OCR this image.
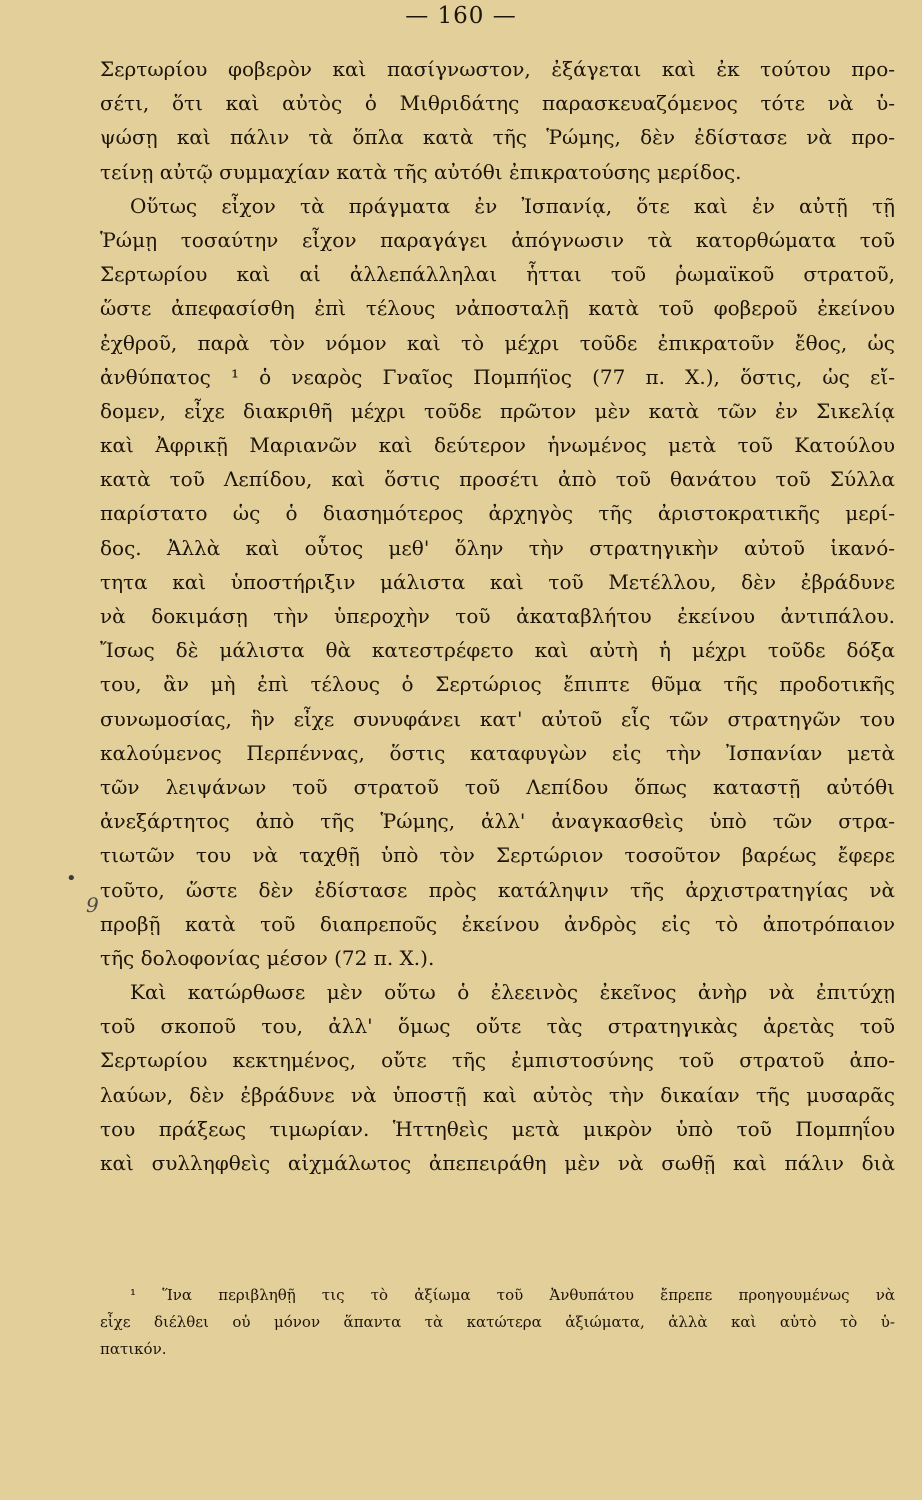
— 160 —
Σερτωρίου φοβερὸν καὶ πασίγνωστον, ἐξάγεται καὶ ἐκ τούτου προ-
σέτι, ὅτι καὶ αὐτὸς ὁ Μιθριδάτης παρασκευαζόμενος τότε νὰ ὑ-
ψώσῃ καὶ πάλιν τὰ ὅπλα κατὰ τῆς Ῥώμης, δὲν ἐδίστασε νὰ προ-
τείνῃ αὐτῷ συμμαχίαν κατὰ τῆς αὐτόθι ἐπικρατούσης μερίδος.
Οὕτως εἶχον τὰ πράγματα ἐν Ἰσπανίᾳ, ὅτε καὶ ἐν αὐτῇ τῇ
Ῥώμῃ τοσαύτην εἶχον παραγάγει ἀπόγνωσιν τὰ κατορθώματα τοῦ
Σερτωρίου καὶ αἱ ἀλλεπάλληλαι ἧτται τοῦ ῥωμαϊκοῦ στρατοῦ,
ὥστε ἀπεφασίσθη ἐπὶ τέλους νἀποσταλῇ κατὰ τοῦ φοβεροῦ ἐκείνου
ἐχθροῦ, παρὰ τὸν νόμον καὶ τὸ μέχρι τοῦδε ἐπικρατοῦν ἔθος, ὡς
ἀνθύπατος ¹ ὁ νεαρὸς Γναῖος Πομπήϊος (77 π. Χ.), ὅστις, ὡς εἴ-
δομεν, εἶχε διακριθῆ μέχρι τοῦδε πρῶτον μὲν κατὰ τῶν ἐν Σικελίᾳ
καὶ Ἀφρικῇ Μαριανῶν καὶ δεύτερον ἡνωμένος μετὰ τοῦ Κατούλου
κατὰ τοῦ Λεπίδου, καὶ ὅστις προσέτι ἀπὸ τοῦ θανάτου τοῦ Σύλλα
παρίστατο ὡς ὁ διασημότερος ἀρχηγὸς τῆς ἀριστοκρατικῆς μερί-
δος. Ἀλλὰ καὶ οὗτος μεθ' ὅλην τὴν στρατηγικὴν αὐτοῦ ἱκανό-
τητα καὶ ὑποστήριξιν μάλιστα καὶ τοῦ Μετέλλου, δὲν ἐβράδυνε
νὰ δοκιμάσῃ τὴν ὑπεροχὴν τοῦ ἀκαταβλήτου ἐκείνου ἀντιπάλου.
Ἴσως δὲ μάλιστα θὰ κατεστρέφετο καὶ αὐτὴ ἡ μέχρι τοῦδε δόξα
του, ἂν μὴ ἐπὶ τέλους ὁ Σερτώριος ἔπιπτε θῦμα τῆς προδοτικῆς
συνωμοσίας, ἣν εἶχε συνυφάνει κατ' αὐτοῦ εἷς τῶν στρατηγῶν του
καλούμενος Περπέννας, ὅστις καταφυγὼν εἰς τὴν Ἰσπανίαν μετὰ
τῶν λειψάνων τοῦ στρατοῦ τοῦ Λεπίδου ὅπως καταστῇ αὐτόθι
ἀνεξάρτητος ἀπὸ τῆς Ῥώμης, ἀλλ' ἀναγκασθεὶς ὑπὸ τῶν στρα-
τιωτῶν του νὰ ταχθῇ ὑπὸ τὸν Σερτώριον τοσοῦτον βαρέως ἔφερε
τοῦτο, ὥστε δὲν ἐδίστασε πρὸς κατάληψιν τῆς ἀρχιστρατηγίας νὰ
προβῇ κατὰ τοῦ διαπρεποῦς ἐκείνου ἀνδρὸς εἰς τὸ ἀποτρόπαιον
τῆς δολοφονίας μέσον (72 π. Χ.).
Καὶ κατώρθωσε μὲν οὕτω ὁ ἐλεεινὸς ἐκεῖνος ἀνὴρ νὰ ἐπιτύχῃ
τοῦ σκοποῦ του, ἀλλ' ὅμως οὔτε τὰς στρατηγικὰς ἀρετὰς τοῦ
Σερτωρίου κεκτημένος, οὔτε τῆς ἐμπιστοσύνης τοῦ στρατοῦ ἀπο-
λαύων, δὲν ἐβράδυνε νὰ ὑποστῇ καὶ αὐτὸς τὴν δικαίαν τῆς μυσαρᾶς
του πράξεως τιμωρίαν. Ἡττηθεὶς μετὰ μικρὸν ὑπὸ τοῦ Πομπηΐου
καὶ συλληφθεὶς αἰχμάλωτος ἀπεπειράθη μὲν νὰ σωθῇ καὶ πάλιν διὰ
¹ Ἵνα περιβληθῇ τις τὸ ἀξίωμα τοῦ Ἀνθυπάτου ἔπρεπε προηγουμένως νὰ
εἶχε διέλθει οὐ μόνον ἅπαντα τὰ κατώτερα ἀξιώματα, ἀλλὰ καὶ αὐτὸ τὸ ὑ-
πατικόν.
•
9
